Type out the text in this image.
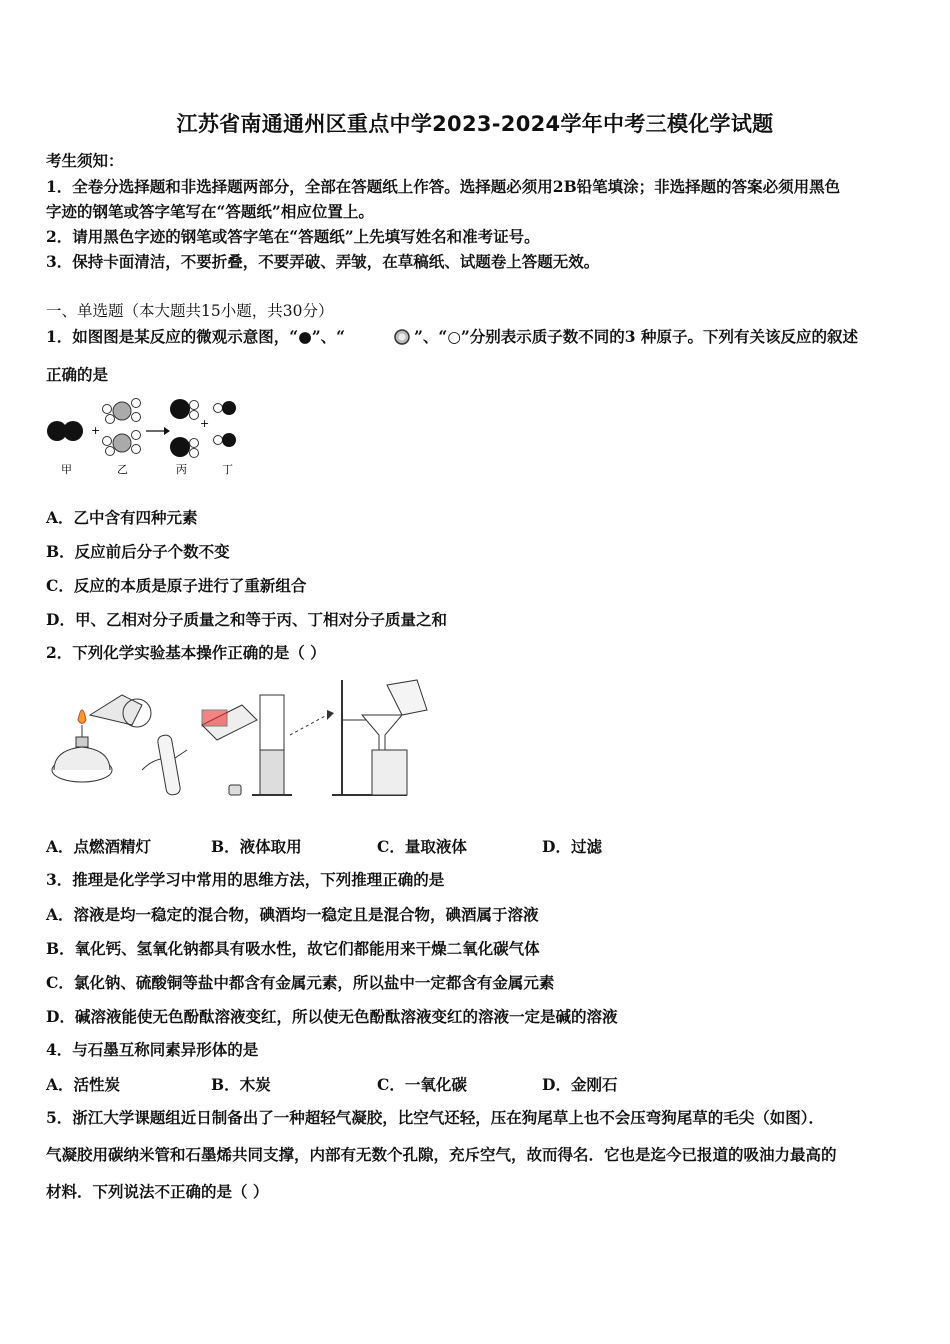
江苏省南通通州区重点中学2023-2024学年中考三模化学试题
考生须知：
1．全卷分选择题和非选择题两部分，全部在答题纸上作答。选择题必须用2B铅笔填涂；非选择题的答案必须用黑色
字迹的钢笔或答字笔写在“答题纸”相应位置上。
2．请用黑色字迹的钢笔或答字笔在“答题纸”上先填写姓名和准考证号。
3．保持卡面清洁，不要折叠，不要弄破、弄皱，在草稿纸、试题卷上答题无效。
一、单选题（本大题共15小题，共30分）
1．如图图是某反应的微观示意图，“●”、“	”、“○”分别表示质子数不同的3 种原子。下列有关该反应的叙述
正确的是
+
+
甲	乙	丙	丁
A．乙中含有四种元素
B．反应前后分子个数不变
C．反应的本质是原子进行了重新组合
D．甲、乙相对分子质量之和等于丙、丁相对分子质量之和
2．下列化学实验基本操作正确的是（ ）
A．点燃酒精灯	B．液体取用	C．量取液体	D．过滤
3．推理是化学学习中常用的思维方法，下列推理正确的是
A．溶液是均一稳定的混合物，碘酒均一稳定且是混合物，碘酒属于溶液
B．氧化钙、氢氧化钠都具有吸水性，故它们都能用来干燥二氧化碳气体
C．氯化钠、硫酸铜等盐中都含有金属元素，所以盐中一定都含有金属元素
D．碱溶液能使无色酚酞溶液变红，所以使无色酚酞溶液变红的溶液一定是碱的溶液
4．与石墨互称同素异形体的是
A．活性炭	B．木炭	C．一氧化碳	D．金刚石
5．浙江大学课题组近日制备出了一种超轻气凝胶，比空气还轻，压在狗尾草上也不会压弯狗尾草的毛尖（如图）．
气凝胶用碳纳米管和石墨烯共同支撑，内部有无数个孔隙，充斥空气，故而得名．它也是迄今已报道的吸油力最高的
材料．下列说法不正确的是（ ）
